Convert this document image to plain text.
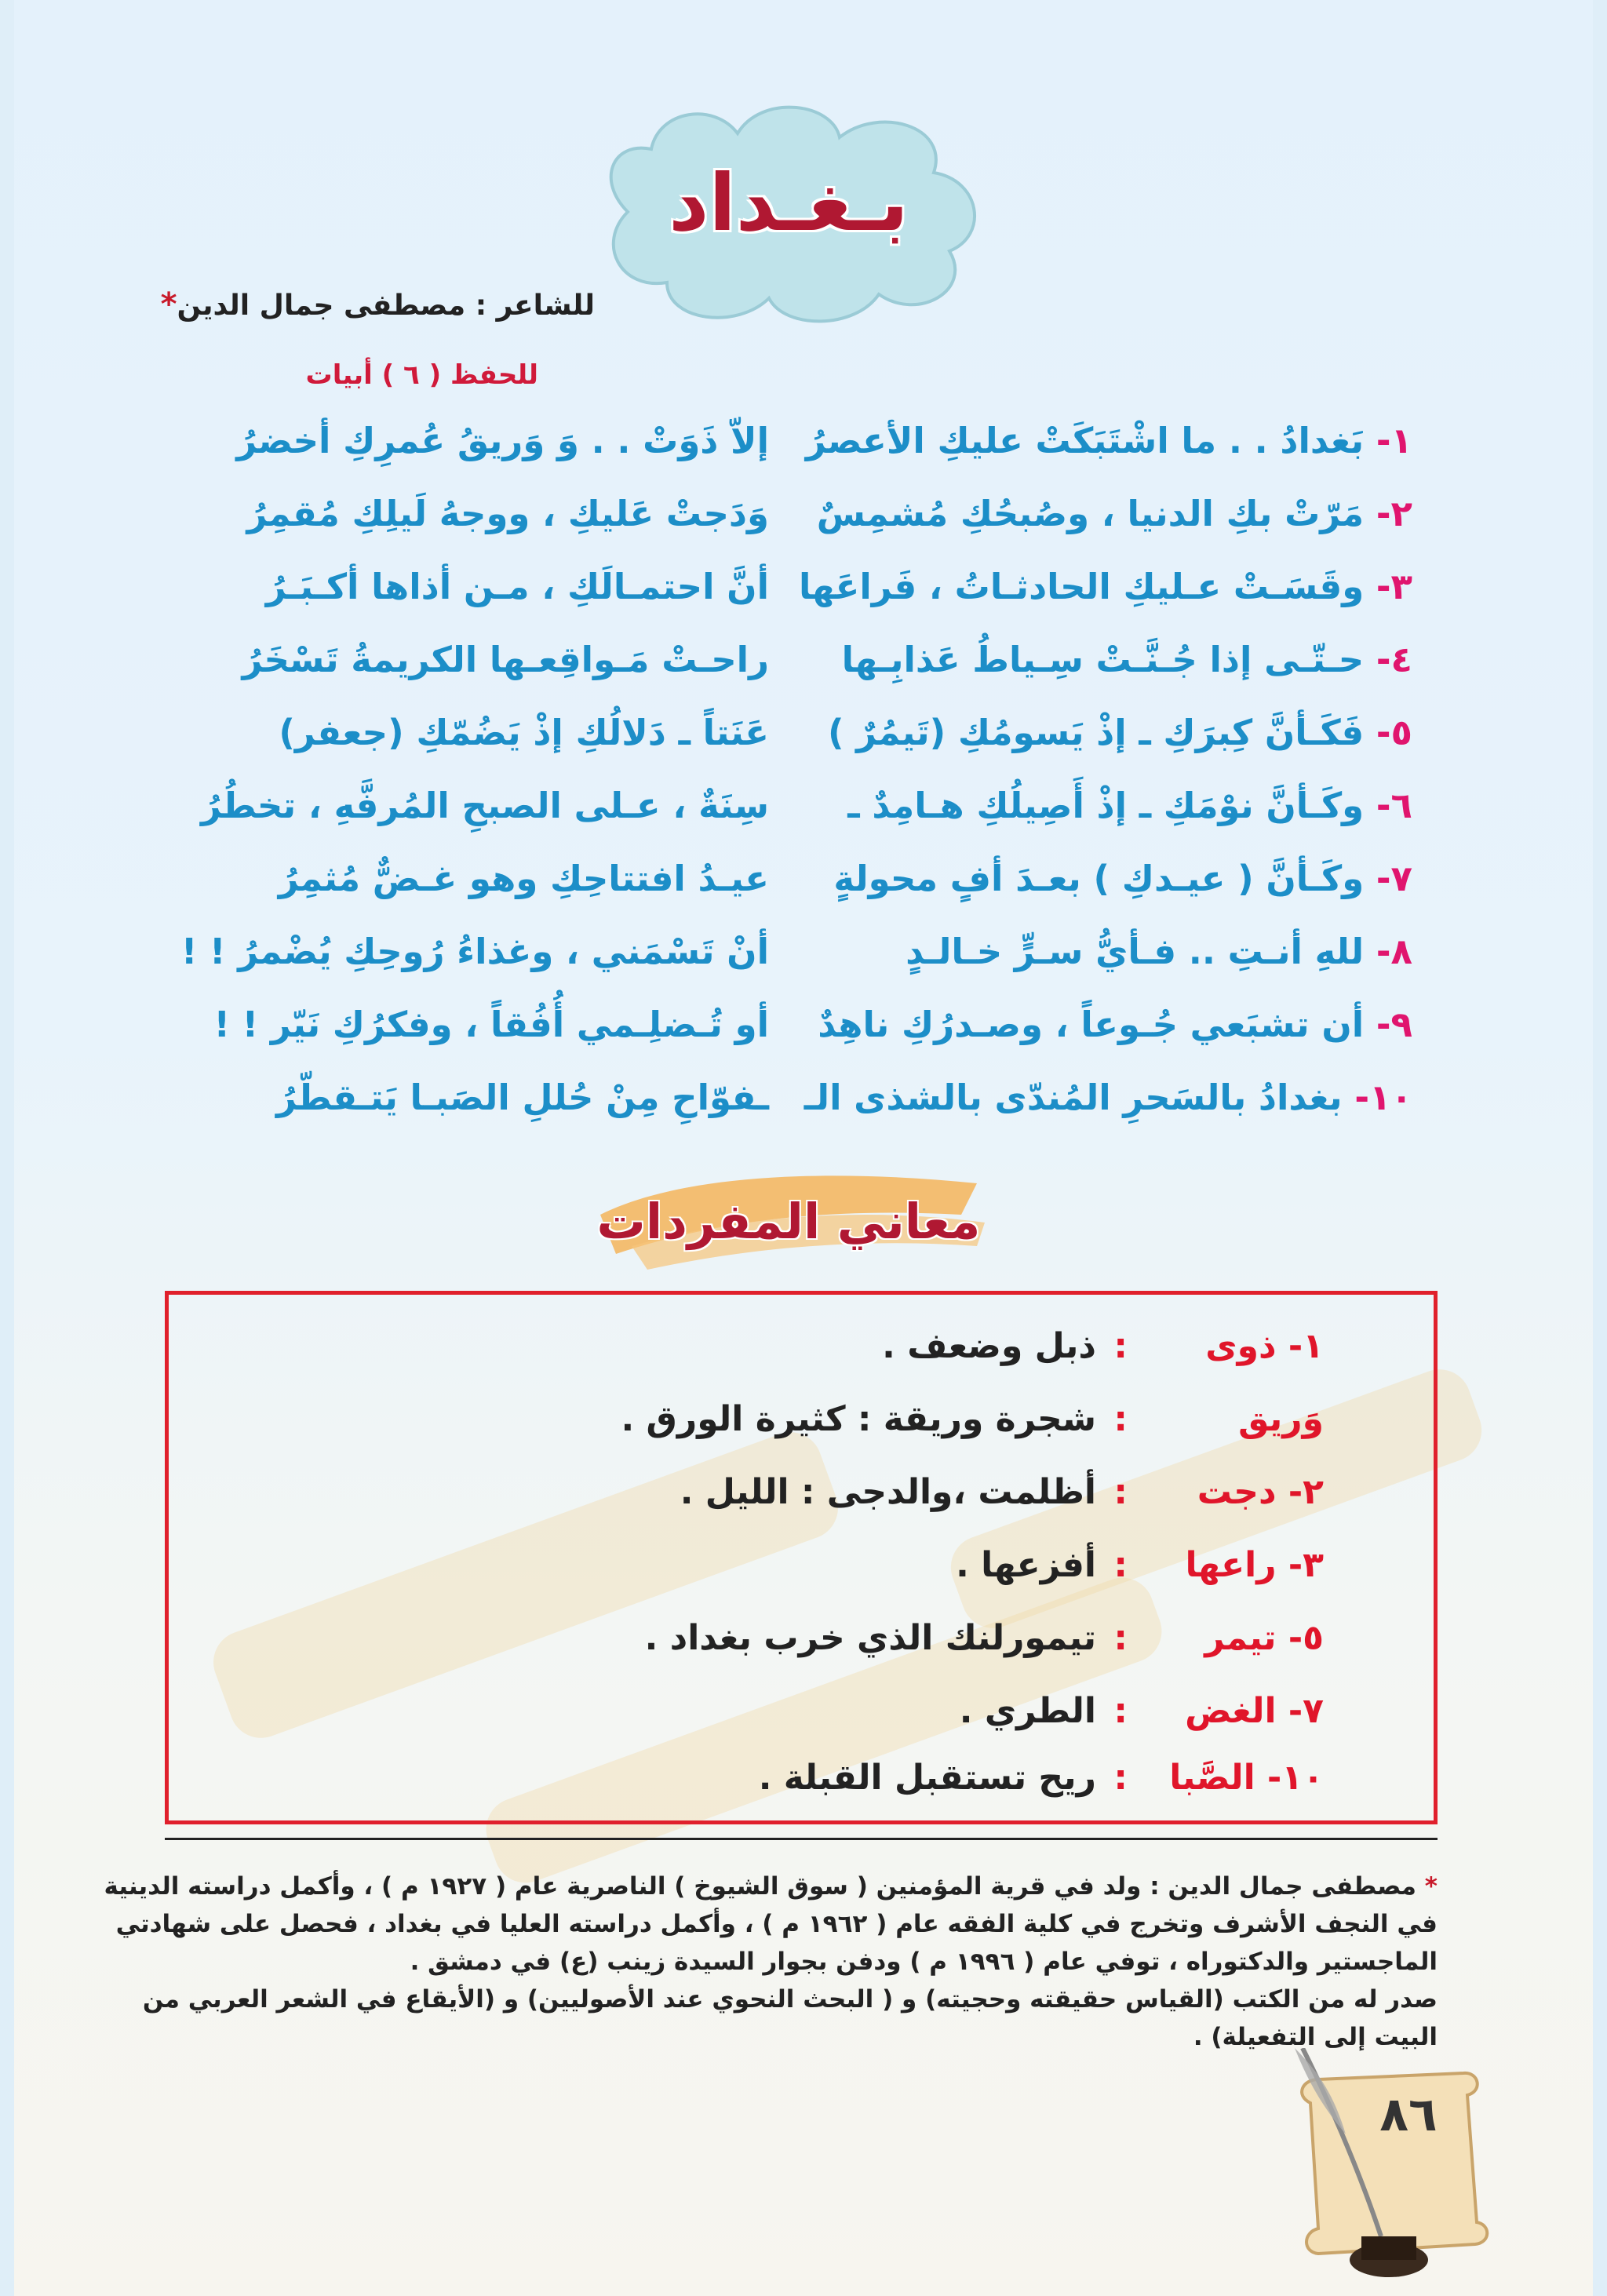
بـغـداد
للشاعر : مصطفى جمال الدين*
للحفظ ( ٦ ) أبيات
١- بَغدادُ . . ما اشْتَبَكَتْ عليكِ الأعصرُ
إلاّ ذَوَتْ . . وَ وَريقُ عُمرِكِ أخضرُ
٢- مَرّتْ بكِ الدنيا ، وصُبحُكِ مُشمِسٌ
وَدَجتْ عَليكِ ، ووجهُ لَيلِكِ مُقمِرُ
٣- وقَسَـتْ عـليكِ الحادثـاتُ ، فَراعَها
أنَّ احتمـالَكِ ، مـن أذاها أكـبَـرُ
٤- حـتّـى إذا جُـنَّـتْ سِـياطُ عَذابِـها
راحـتْ مَـواقِعـها الكريمةُ تَسْخَرُ
٥- فَكَـأنَّ كِبرَكِ ـ إذْ يَسومُكِ (تَيمُرٌ )
عَنَتاً ـ دَلالُكِ إذْ يَضُمّكِ (جعفر)
٦- وكَـأنَّ نوْمَكِ ـ إذْ أَصِيلُكِ هـامِدٌ ـ
سِنَةٌ ، عـلى الصبحِ المُرفَّهِ ، تخطُرُ
٧- وكَـأنَّ ( عيـدكِ ) بعـدَ أفٍ محولةٍ
عيـدُ افتتاحِكِ وهو غـضٌّ مُثمِرُ
٨- للهِ أنـتِ .. فـأيُّ سـرٍّ خـالـدٍ
أنْ تَسْمَني ، وغذاءُ رُوحِكِ يُضْمرُ ! !
٩- أن تشبَعي جُـوعاً ، وصـدرُكِ ناهِدٌ
أو تُـضلِـمي أُفُقاً ، وفكرُكِ نَيّر ! !
١٠- بغدادُ بالسَحرِ المُندّى بالشذى الـ
ـفوّاحِ مِنْ حُللِ الصَبـا يَتـقطّرُ
معاني المفردات
١- ذوى
:
ذبل وضعف .
وَريق
:
شجرة وريقة : كثيرة الورق .
٢- دجت
:
أظلمت ،والدجى : الليل .
٣- راعها
:
أفزعها .
٥- تيمر
:
تيمورلنك الذي خرب بغداد .
٧- الغض
:
الطري .
١٠- الصَّبا
:
ريح تستقبل القبلة .
* مصطفى جمال الدين : ولد في قرية المؤمنين ( سوق الشيوخ ) الناصرية عام ( ١٩٢٧ م ) ، وأكمل دراسته الدينية
في النجف الأشرف وتخرج في كلية الفقه عام ( ١٩٦٢ م ) ، وأكمل دراسته العليا في بغداد ، فحصل على شهادتي
الماجستير والدكتوراه ، توفي عام ( ١٩٩٦ م ) ودفن بجوار السيدة زينب (ع) في دمشق .
صدر له من الكتب (القياس حقيقته وحجيته) و ( البحث النحوي عند الأصوليين) و (الأيقاع في الشعر العربي من
البيت إلى التفعيلة) .
٨٦
